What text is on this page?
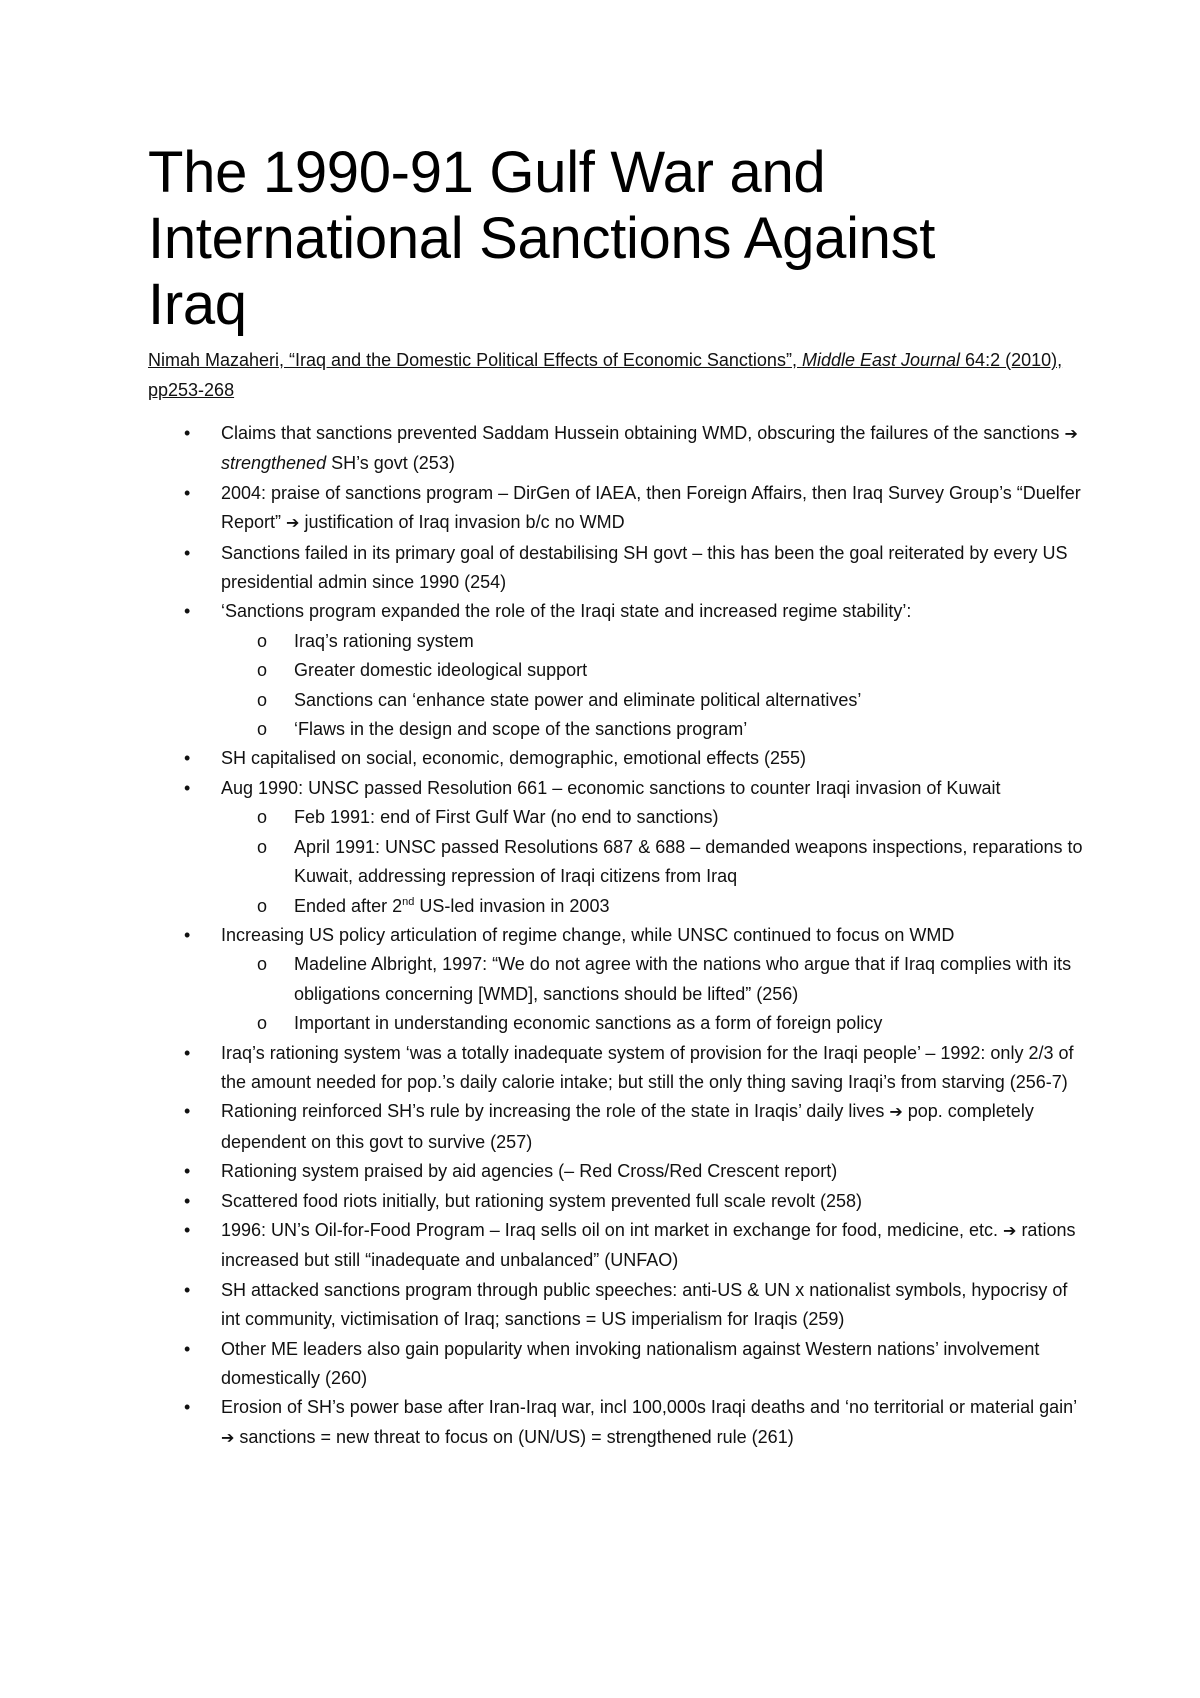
The 1990-91 Gulf War and
International Sanctions Against
Iraq

Nimah Mazaheri, “Iraq and the Domestic Political Effects of Economic Sanctions”, Middle East Journal 64:2 (2010), pp253-268

• Claims that sanctions prevented Saddam Hussein obtaining WMD, obscuring the failures of the sanctions ➔ strengthened SH’s govt (253)
• 2004: praise of sanctions program – DirGen of IAEA, then Foreign Affairs, then Iraq Survey Group’s “Duelfer Report” ➔ justification of Iraq invasion b/c no WMD
• Sanctions failed in its primary goal of destabilising SH govt – this has been the goal reiterated by every US presidential admin since 1990 (254)
• ‘Sanctions program expanded the role of the Iraqi state and increased regime stability’:
o Iraq’s rationing system
o Greater domestic ideological support
o Sanctions can ‘enhance state power and eliminate political alternatives’
o ‘Flaws in the design and scope of the sanctions program’
• SH capitalised on social, economic, demographic, emotional effects (255)
• Aug 1990: UNSC passed Resolution 661 – economic sanctions to counter Iraqi invasion of Kuwait
o Feb 1991: end of First Gulf War (no end to sanctions)
o April 1991: UNSC passed Resolutions 687 & 688 – demanded weapons inspections, reparations to Kuwait, addressing repression of Iraqi citizens from Iraq
o Ended after 2nd US-led invasion in 2003
• Increasing US policy articulation of regime change, while UNSC continued to focus on WMD
o Madeline Albright, 1997: “We do not agree with the nations who argue that if Iraq complies with its obligations concerning [WMD], sanctions should be lifted” (256)
o Important in understanding economic sanctions as a form of foreign policy
• Iraq’s rationing system ‘was a totally inadequate system of provision for the Iraqi people’ – 1992: only 2/3 of the amount needed for pop.’s daily calorie intake; but still the only thing saving Iraqi’s from starving (256-7)
• Rationing reinforced SH’s rule by increasing the role of the state in Iraqis’ daily lives ➔ pop. completely dependent on this govt to survive (257)
• Rationing system praised by aid agencies (– Red Cross/Red Crescent report)
• Scattered food riots initially, but rationing system prevented full scale revolt (258)
• 1996: UN’s Oil-for-Food Program – Iraq sells oil on int market in exchange for food, medicine, etc. ➔ rations increased but still “inadequate and unbalanced” (UNFAO)
• SH attacked sanctions program through public speeches: anti-US & UN x nationalist symbols, hypocrisy of int community, victimisation of Iraq; sanctions = US imperialism for Iraqis (259)
• Other ME leaders also gain popularity when invoking nationalism against Western nations’ involvement domestically (260)
• Erosion of SH’s power base after Iran-Iraq war, incl 100,000s Iraqi deaths and ‘no territorial or material gain’ ➔ sanctions = new threat to focus on (UN/US) = strengthened rule (261)
